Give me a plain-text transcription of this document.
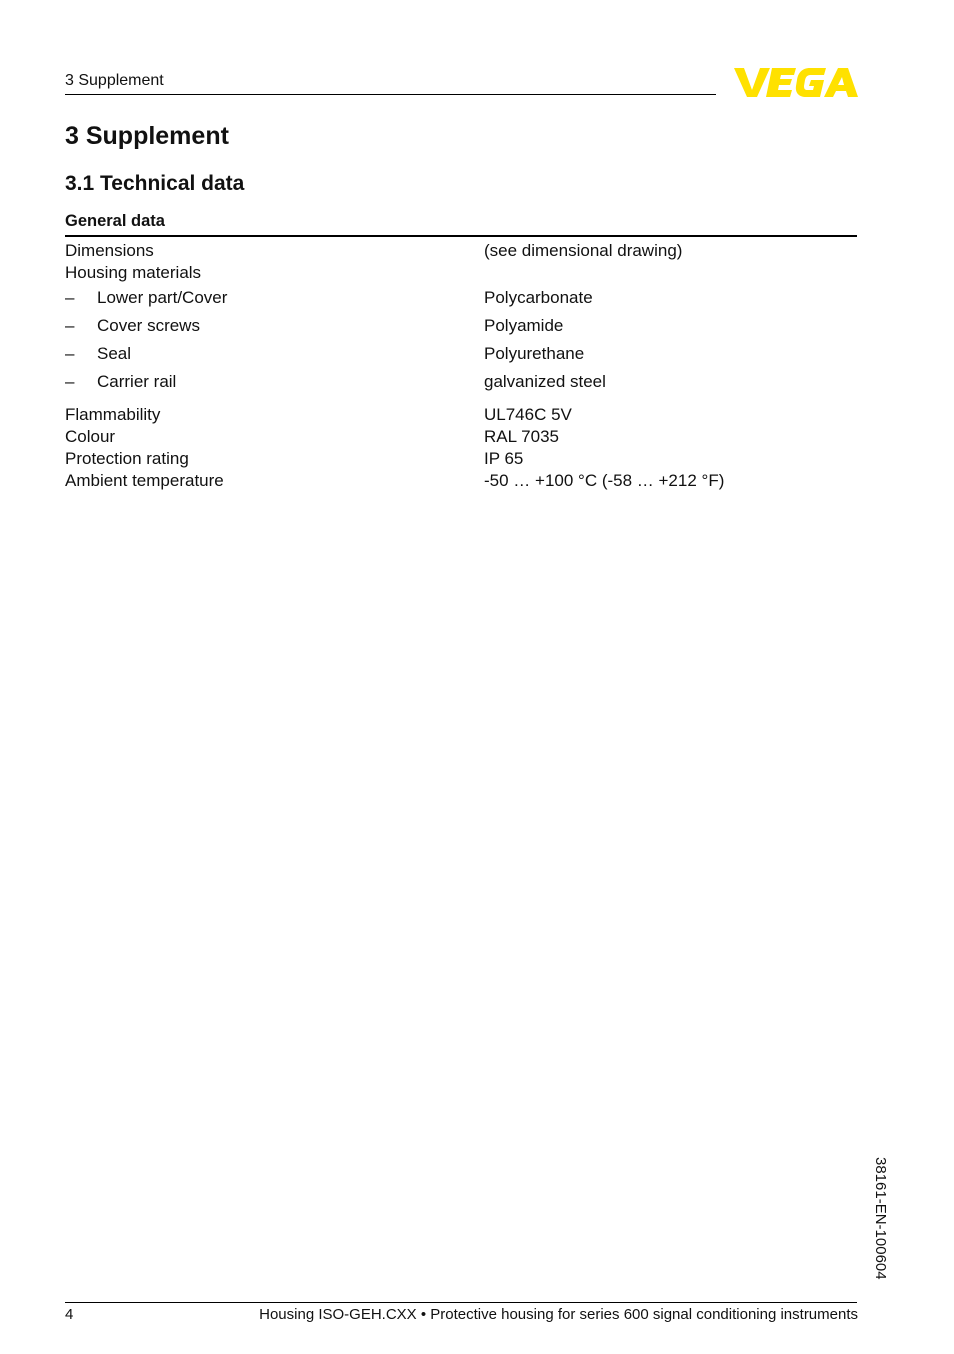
3 Supplement
3 Supplement
3.1 Technical data
General data
Dimensions	(see dimensional drawing)
Housing materials
– Lower part/Cover	Polycarbonate
– Cover screws	Polyamide
– Seal	Polyurethane
– Carrier rail	galvanized steel
Flammability	UL746C 5V
Colour	RAL 7035
Protection rating	IP 65
Ambient temperature	-50 … +100 °C (-58 … +212 °F)
38161-EN-100604
4	Housing ISO-GEH.CXX • Protective housing for series 600 signal conditioning instruments
